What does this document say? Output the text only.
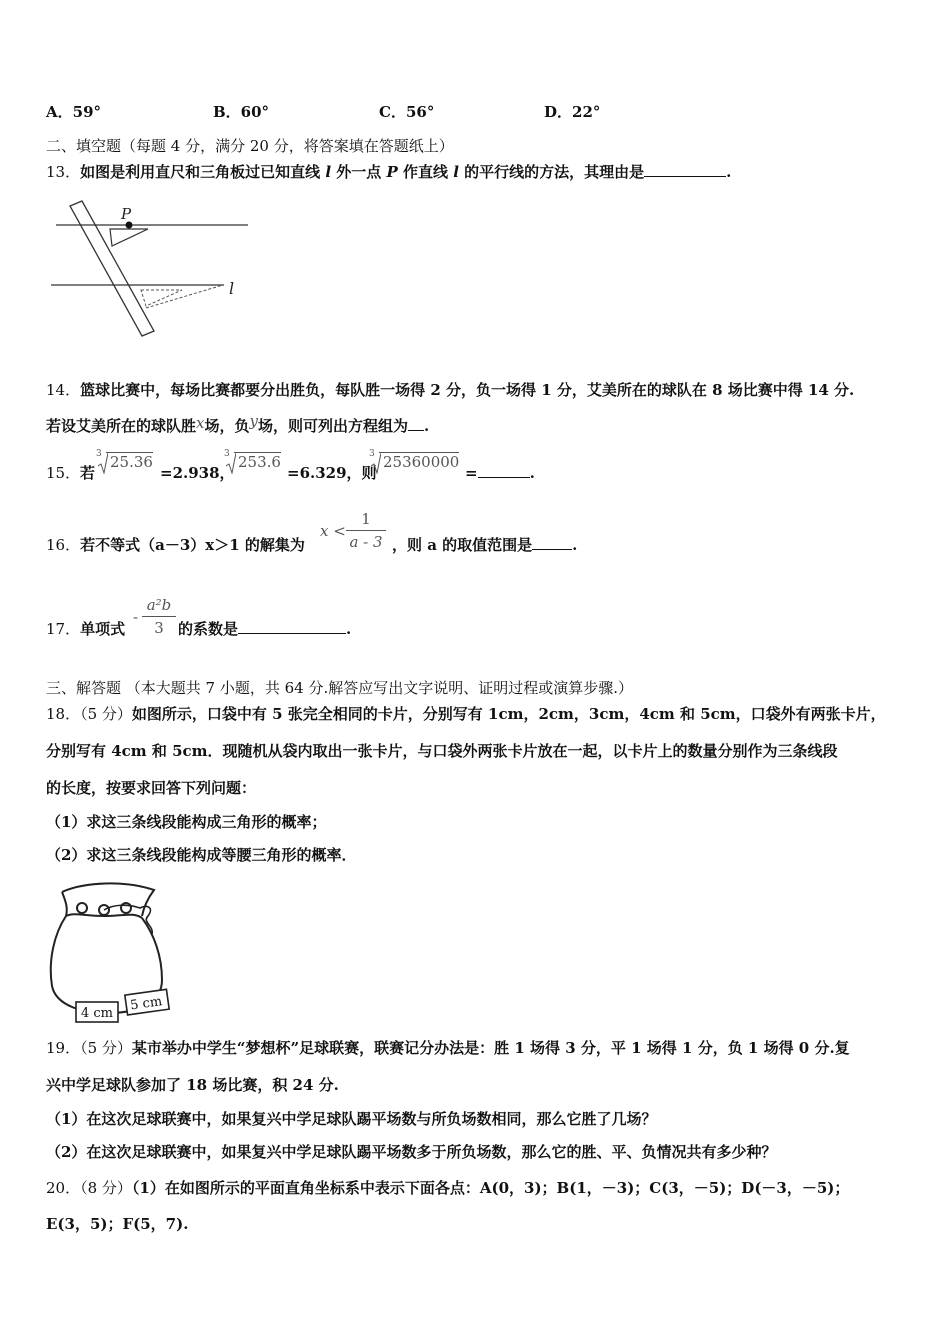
A．59°	B．60°	C．56°	D．22°
二、填空题（每题 4 分，满分 20 分，将答案填在答题纸上）
13．如图是利用直尺和三角板过已知直线 l 外一点 P 作直线 l 的平行线的方法，其理由是	.
P
l
14．篮球比赛中，每场比赛都要分出胜负，每队胜一场得 2 分，负一场得 1 分，艾美所在的球队在 8 场比赛中得 14 分.
若设艾美所在的球队胜x场，负y场，则可列出方程组为 .
15． 若
3 25.36
=2.938，
3 253.6
=6.329，则
3 25360000
=	.
16．若不等式（a－3）x＞1 的解集为
x <
1
a - 3 ，则 a 的取值范围是	.
17．单项式
-
a²b
3 的系数是	.
三、解答题 （本大题共 7 小题，共 64 分.解答应写出文字说明、证明过程或演算步骤.）
18．（5 分）如图所示，口袋中有 5 张完全相同的卡片，分别写有 1cm，2cm，3cm，4cm 和 5cm，口袋外有两张卡片，
分别写有 4cm 和 5cm．现随机从袋内取出一张卡片，与口袋外两张卡片放在一起，以卡片上的数量分别作为三条线段
的长度，按要求回答下列问题：
（1）求这三条线段能构成三角形的概率；
（2）求这三条线段能构成等腰三角形的概率．
4 cm
5 cm
19．（5 分）某市举办中学生“梦想杯”足球联赛，联赛记分办法是：胜 1 场得 3 分，平 1 场得 1 分，负 1 场得 0 分.复
兴中学足球队参加了 18 场比赛，积 24 分.
（1）在这次足球联赛中，如果复兴中学足球队踢平场数与所负场数相同，那么它胜了几场？
（2）在这次足球联赛中，如果复兴中学足球队踢平场数多于所负场数，那么它的胜、平、负情况共有多少种？
20．（8 分）（1）在如图所示的平面直角坐标系中表示下面各点：A(0，3)；B(1，－3)；C(3，－5)；D(－3，－5)；
E(3，5)；F(5，7).
